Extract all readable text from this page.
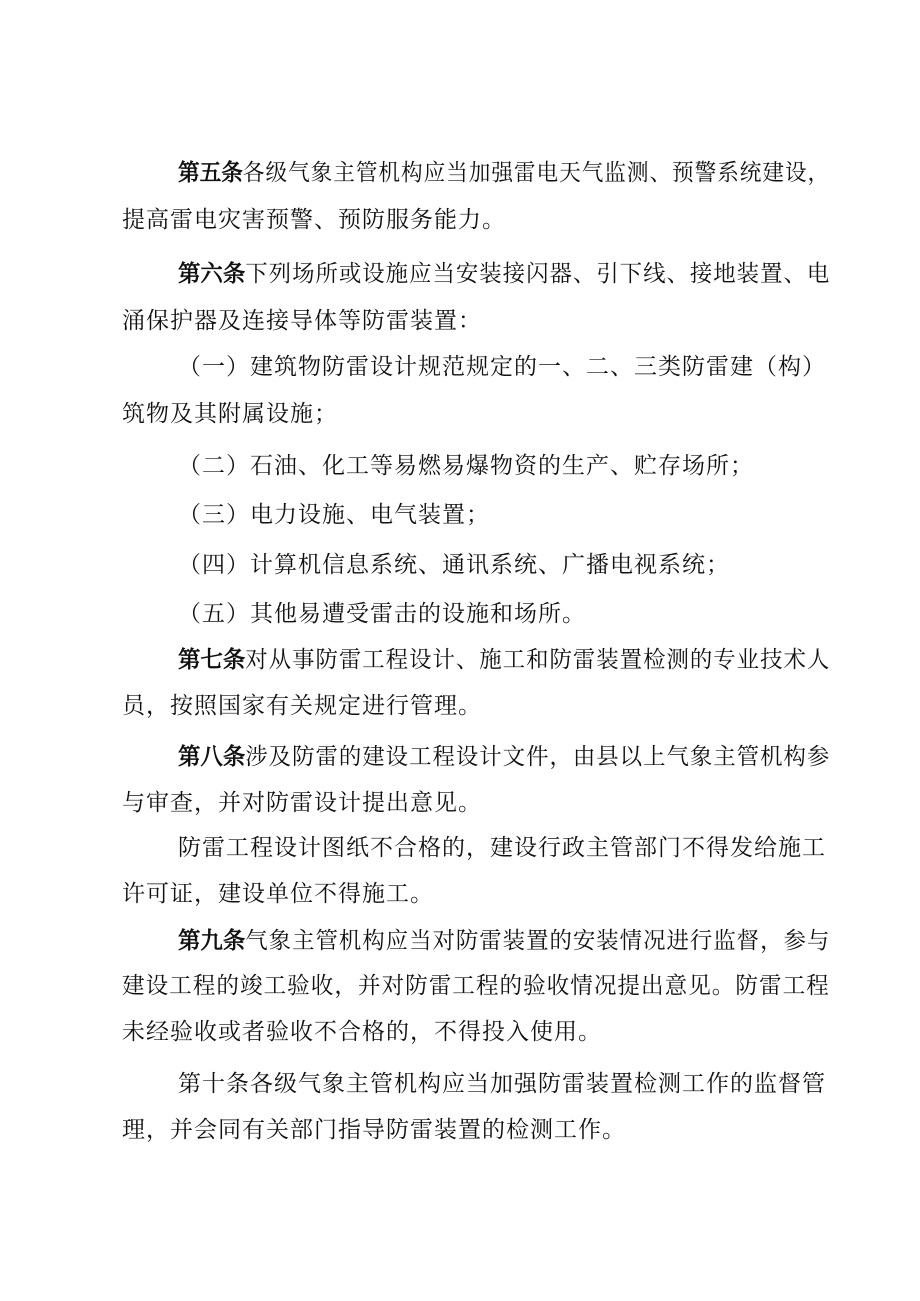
第五条各级气象主管机构应当加强雷电天气监测、预警系统建设，
提高雷电灾害预警、预防服务能力。
第六条下列场所或设施应当安装接闪器、引下线、接地装置、电
涌保护器及连接导体等防雷装置：
（一）建筑物防雷设计规范规定的一、二、三类防雷建（构）
筑物及其附属设施；
（二）石油、化工等易燃易爆物资的生产、贮存场所；
（三）电力设施、电气装置；
（四）计算机信息系统、通讯系统、广播电视系统；
（五）其他易遭受雷击的设施和场所。
第七条对从事防雷工程设计、施工和防雷装置检测的专业技术人
员，按照国家有关规定进行管理。
第八条涉及防雷的建设工程设计文件，由县以上气象主管机构参
与审查，并对防雷设计提出意见。
防雷工程设计图纸不合格的，建设行政主管部门不得发给施工
许可证，建设单位不得施工。
第九条气象主管机构应当对防雷装置的安装情况进行监督，参与
建设工程的竣工验收，并对防雷工程的验收情况提出意见。防雷工程
未经验收或者验收不合格的，不得投入使用。
第十条各级气象主管机构应当加强防雷装置检测工作的监督管
理，并会同有关部门指导防雷装置的检测工作。
